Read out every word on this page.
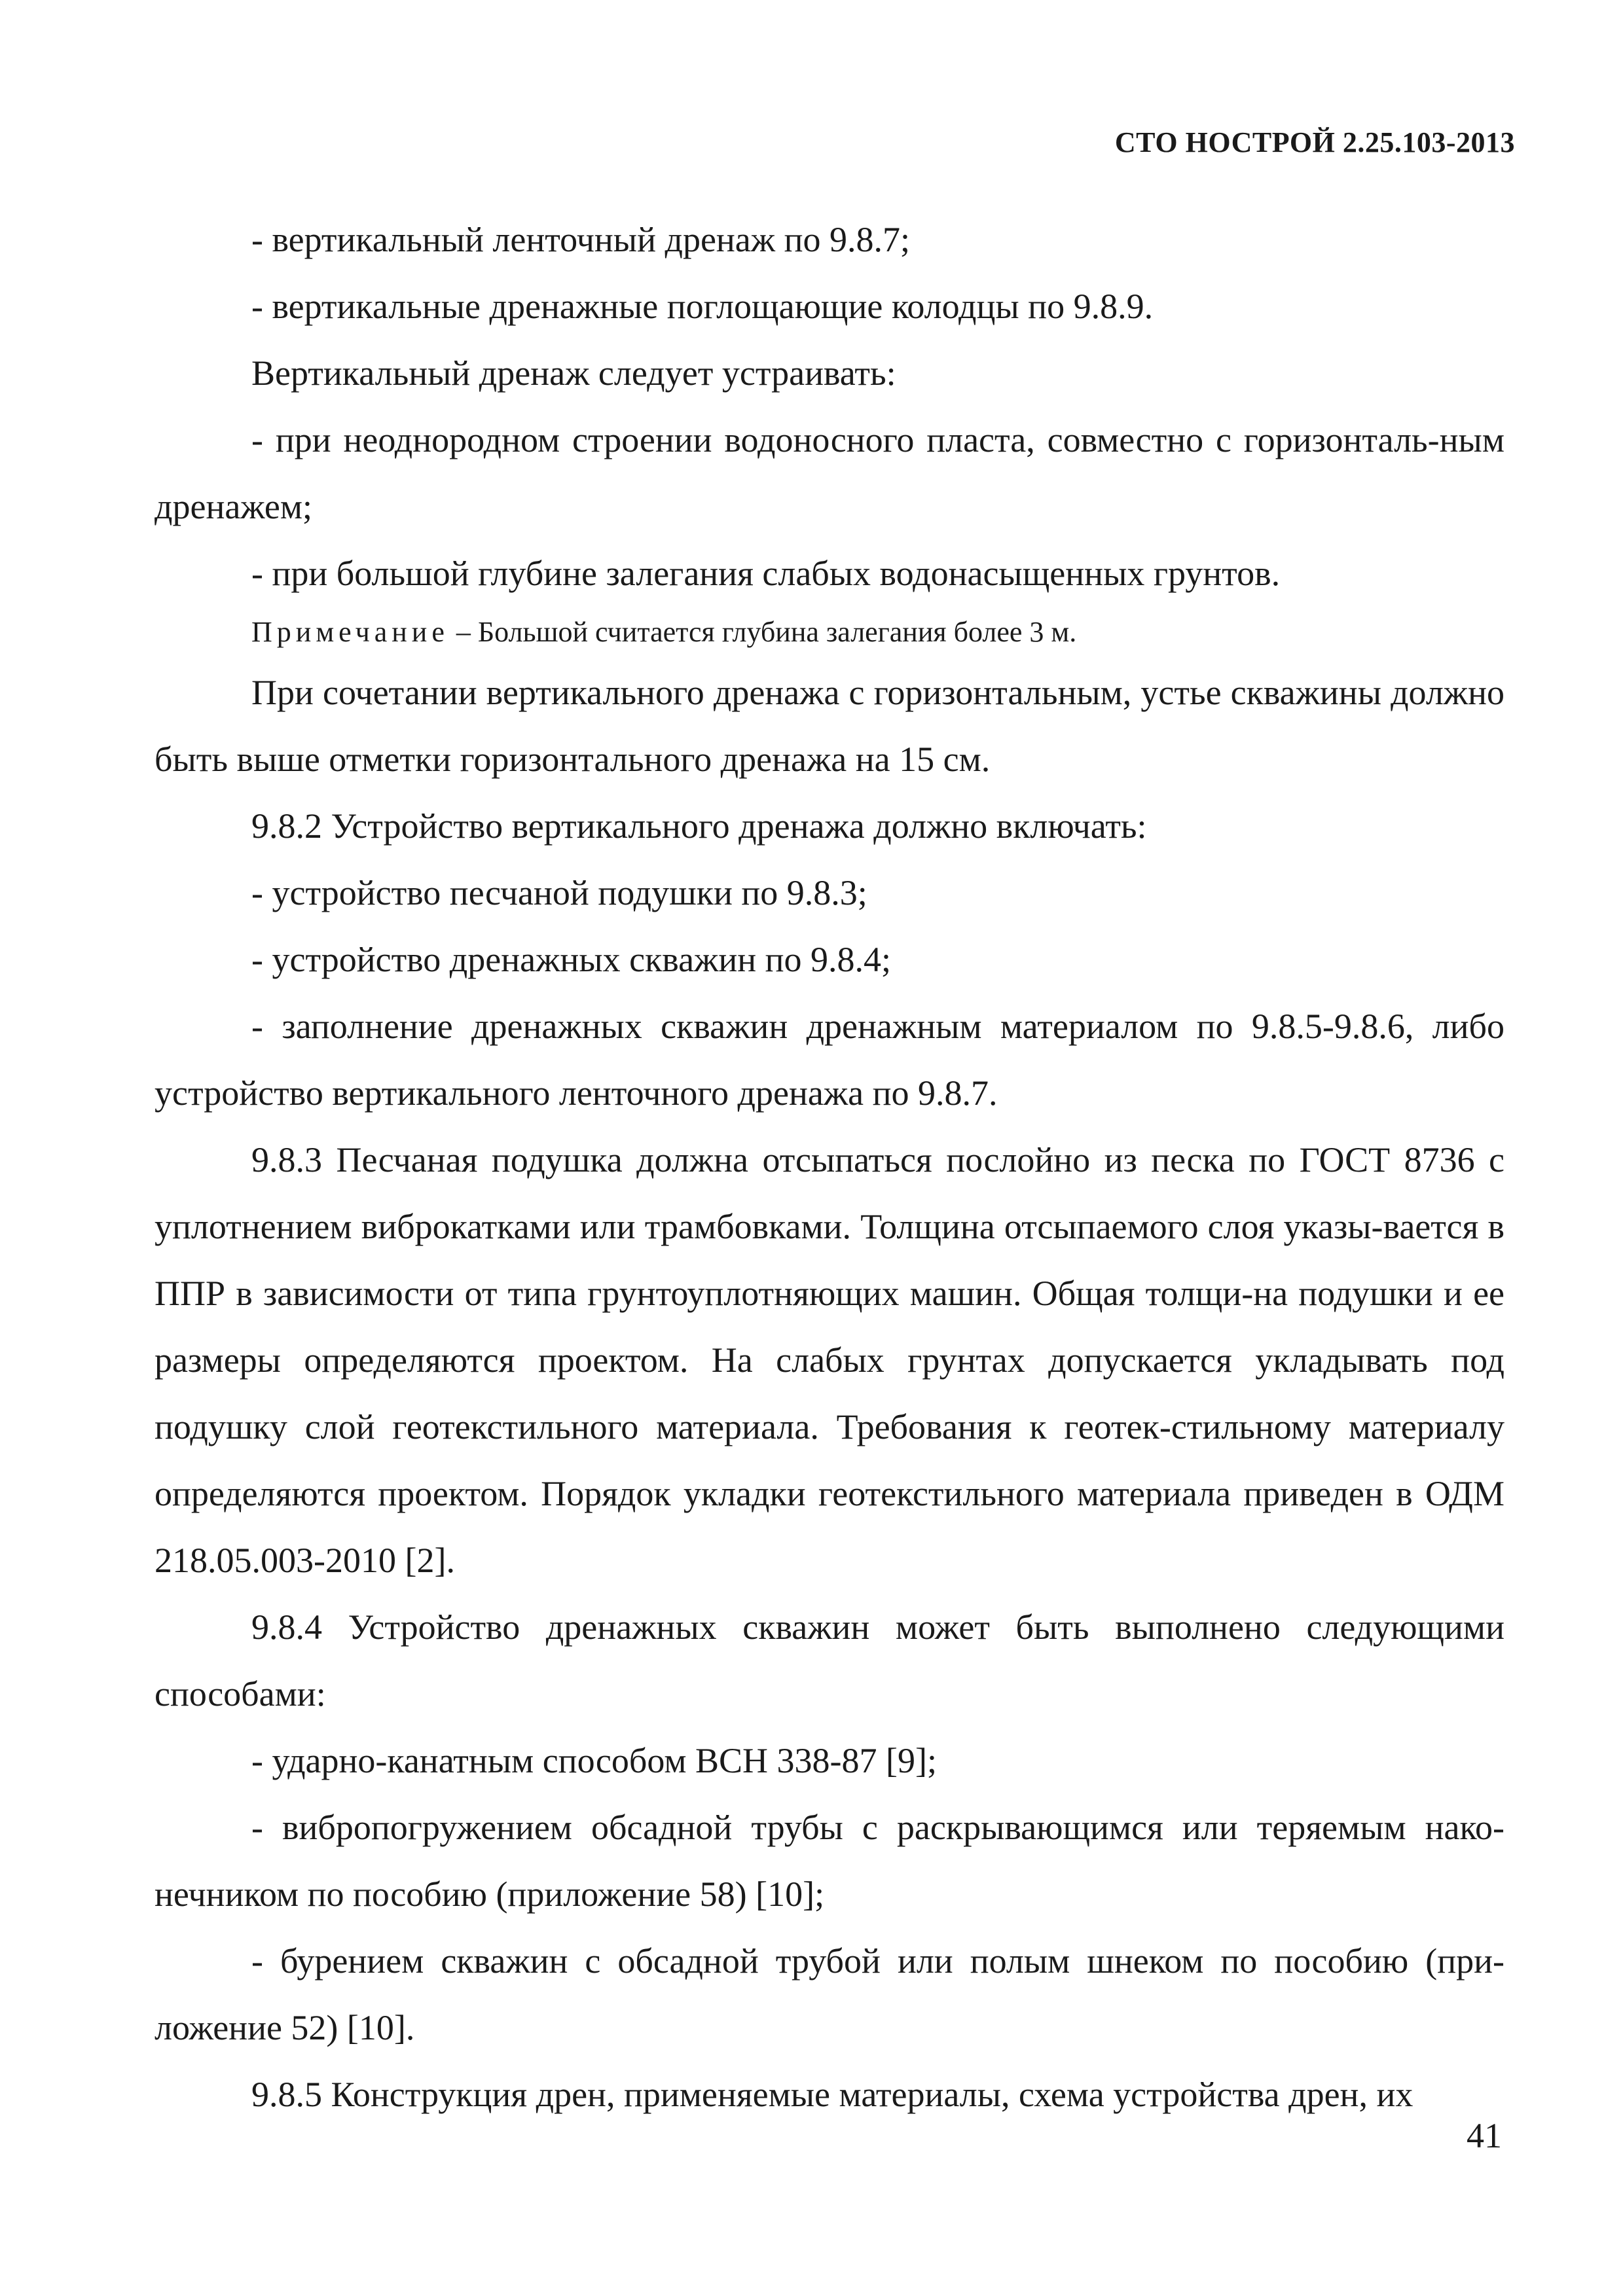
СТО НОСТРОЙ 2.25.103-2013

- вертикальный ленточный дренаж по 9.8.7;

- вертикальные дренажные поглощающие колодцы по 9.8.9.

Вертикальный дренаж следует устраивать:

- при неоднородном строении водоносного пласта, совместно с горизонталь-ным дренажем;

- при большой глубине залегания слабых водонасыщенных грунтов.

Примечание – Большой считается глубина залегания более 3 м.

При сочетании вертикального дренажа с горизонтальным, устье скважины должно быть выше отметки горизонтального дренажа на 15 см.

9.8.2 Устройство вертикального дренажа должно включать:

- устройство песчаной подушки по 9.8.3;

- устройство дренажных скважин по 9.8.4;

- заполнение дренажных скважин дренажным материалом по 9.8.5-9.8.6, либо устройство вертикального ленточного дренажа по 9.8.7.

9.8.3 Песчаная подушка должна отсыпаться послойно из песка по ГОСТ 8736 с уплотнением виброкатками или трамбовками. Толщина отсыпаемого слоя указы-вается в ППР в зависимости от типа грунтоуплотняющих машин. Общая толщи-на подушки и ее размеры определяются проектом. На слабых грунтах допускается укладывать под подушку слой геотекстильного материала. Требования к геотек-стильному материалу определяются проектом. Порядок укладки геотекстильного материала приведен в ОДМ 218.05.003-2010 [2].

9.8.4 Устройство дренажных скважин может быть выполнено следующими способами:

- ударно-канатным способом ВСН 338-87 [9];

- вибропогружением обсадной трубы с раскрывающимся или теряемым нако-нечником по пособию (приложение 58) [10];

- бурением скважин с обсадной трубой или полым шнеком по пособию (при-ложение 52) [10].

9.8.5 Конструкция дрен, применяемые материалы, схема устройства дрен, их

41
